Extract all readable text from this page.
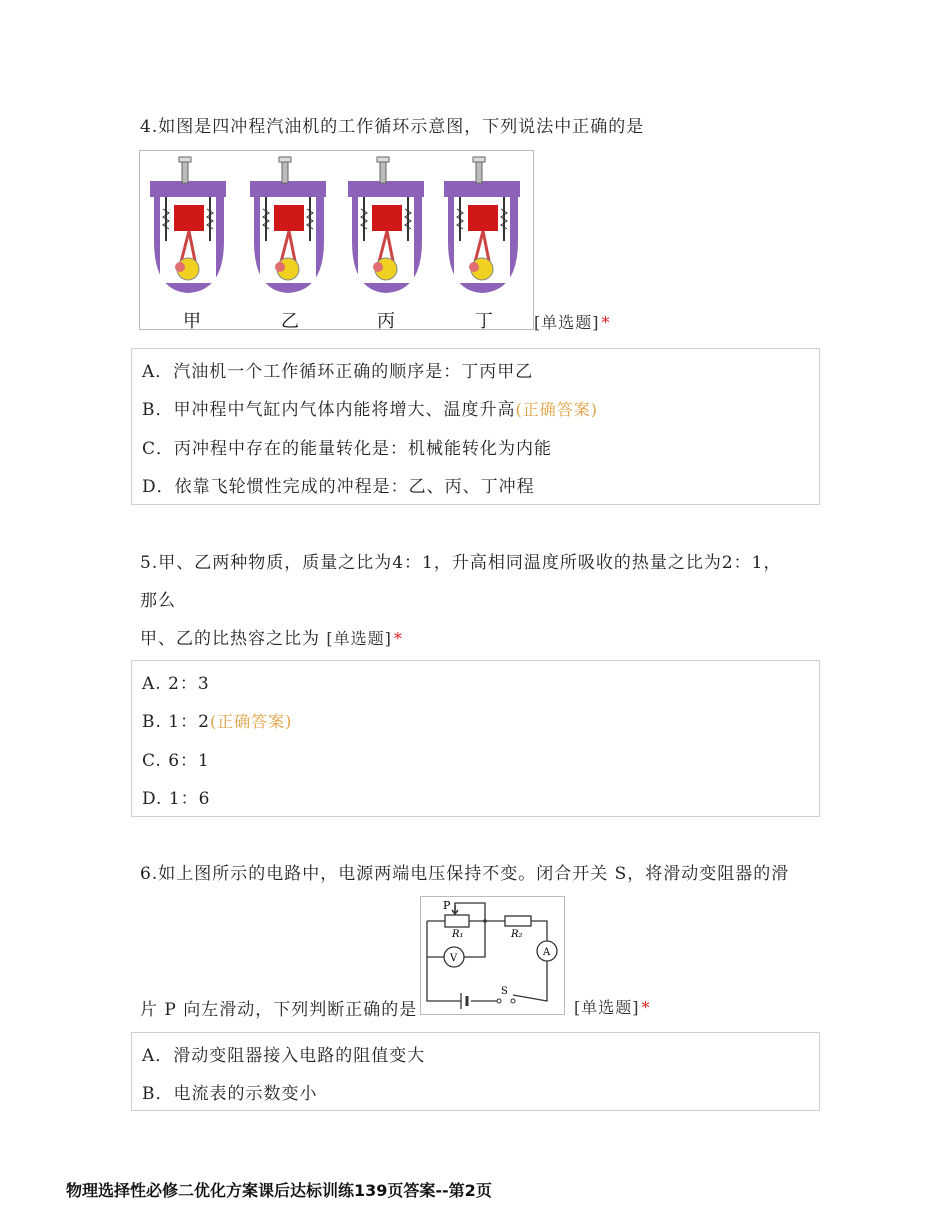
4.如图是四冲程汽油机的工作循环示意图，下列说法中正确的是
甲	乙	丙	丁	[单选题] *
A．汽油机一个工作循环正确的顺序是：丁丙甲乙
B．甲冲程中气缸内气体内能将增大、温度升高(正确答案)
C．丙冲程中存在的能量转化是：机械能转化为内能
D．依靠飞轮惯性完成的冲程是：乙、丙、丁冲程
5.甲、乙两种物质，质量之比为4：1，升高相同温度所吸收的热量之比为2：1，
那么
甲、乙的比热容之比为 [单选题] *
A. 2：3
B. 1：2(正确答案)
C. 6：1
D. 1：6
6.如上图所示的电路中，电源两端电压保持不变。闭合开关 S，将滑动变阻器的滑
P
R₁	R₂
V
A
S
片 P 向左滑动，下列判断正确的是	[单选题] *
A．滑动变阻器接入电路的阻值变大
B．电流表的示数变小
物理选择性必修二优化方案课后达标训练139页答案--第2页
